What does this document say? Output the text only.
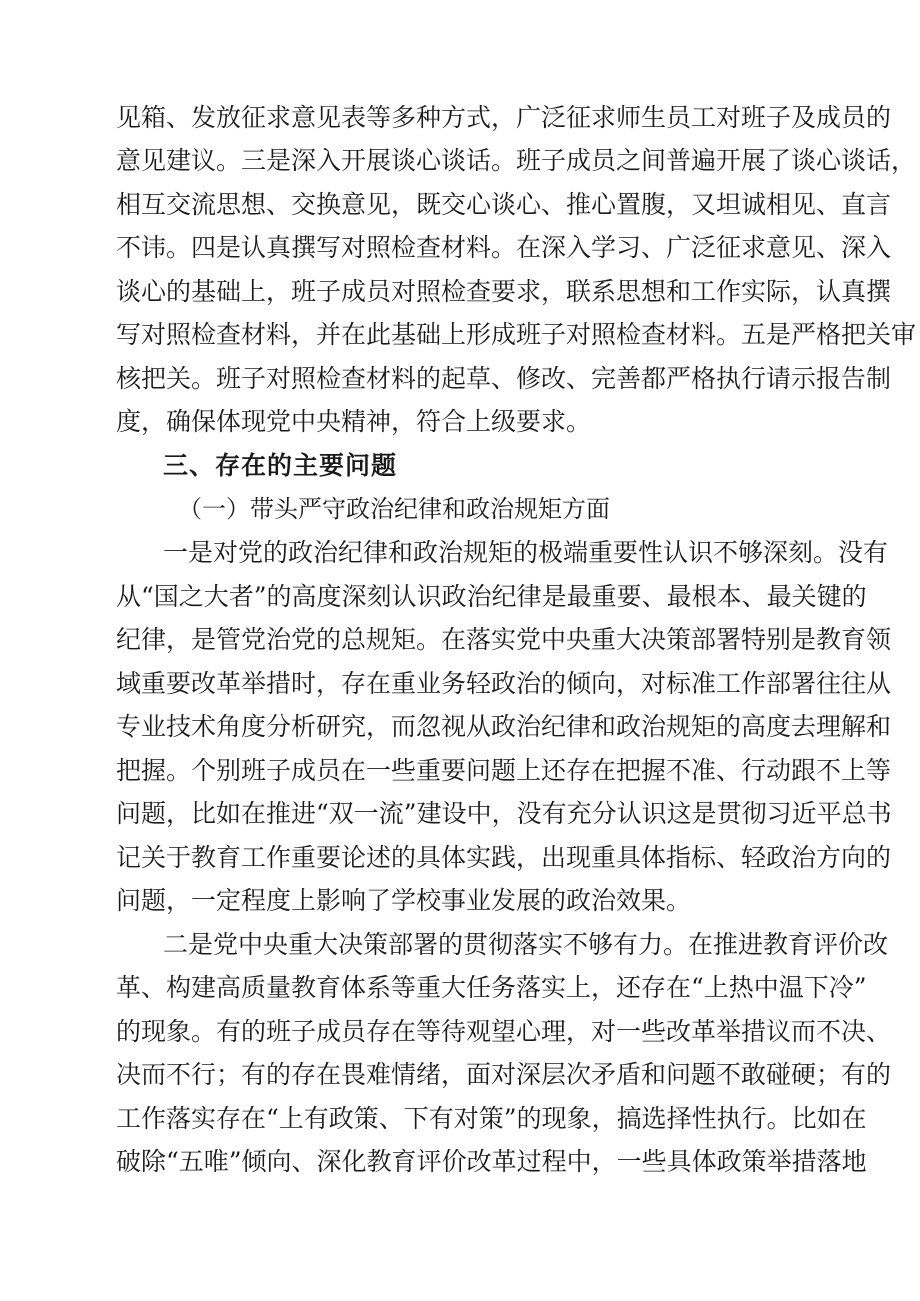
见箱、发放征求意见表等多种方式，广泛征求师生员工对班子及成员的
意见建议。三是深入开展谈心谈话。班子成员之间普遍开展了谈心谈话，
相互交流思想、交换意见，既交心谈心、推心置腹，又坦诚相见、直言
不讳。四是认真撰写对照检查材料。在深入学习、广泛征求意见、深入
谈心的基础上，班子成员对照检查要求，联系思想和工作实际，认真撰
写对照检查材料，并在此基础上形成班子对照检查材料。五是严格把关审
核把关。班子对照检查材料的起草、修改、完善都严格执行请示报告制
度，确保体现党中央精神，符合上级要求。
三、存在的主要问题
（一）带头严守政治纪律和政治规矩方面
一是对党的政治纪律和政治规矩的极端重要性认识不够深刻。没有
从“国之大者”的高度深刻认识政治纪律是最重要、最根本、最关键的
纪律，是管党治党的总规矩。在落实党中央重大决策部署特别是教育领
域重要改革举措时，存在重业务轻政治的倾向，对标准工作部署往往从
专业技术角度分析研究，而忽视从政治纪律和政治规矩的高度去理解和
把握。个别班子成员在一些重要问题上还存在把握不准、行动跟不上等
问题，比如在推进“双一流”建设中，没有充分认识这是贯彻习近平总书
记关于教育工作重要论述的具体实践，出现重具体指标、轻政治方向的
问题，一定程度上影响了学校事业发展的政治效果。
二是党中央重大决策部署的贯彻落实不够有力。在推进教育评价改
革、构建高质量教育体系等重大任务落实上，还存在“上热中温下冷”
的现象。有的班子成员存在等待观望心理，对一些改革举措议而不决、
决而不行；有的存在畏难情绪，面对深层次矛盾和问题不敢碰硬；有的
工作落实存在“上有政策、下有对策”的现象，搞选择性执行。比如在
破除“五唯”倾向、深化教育评价改革过程中，一些具体政策举措落地
